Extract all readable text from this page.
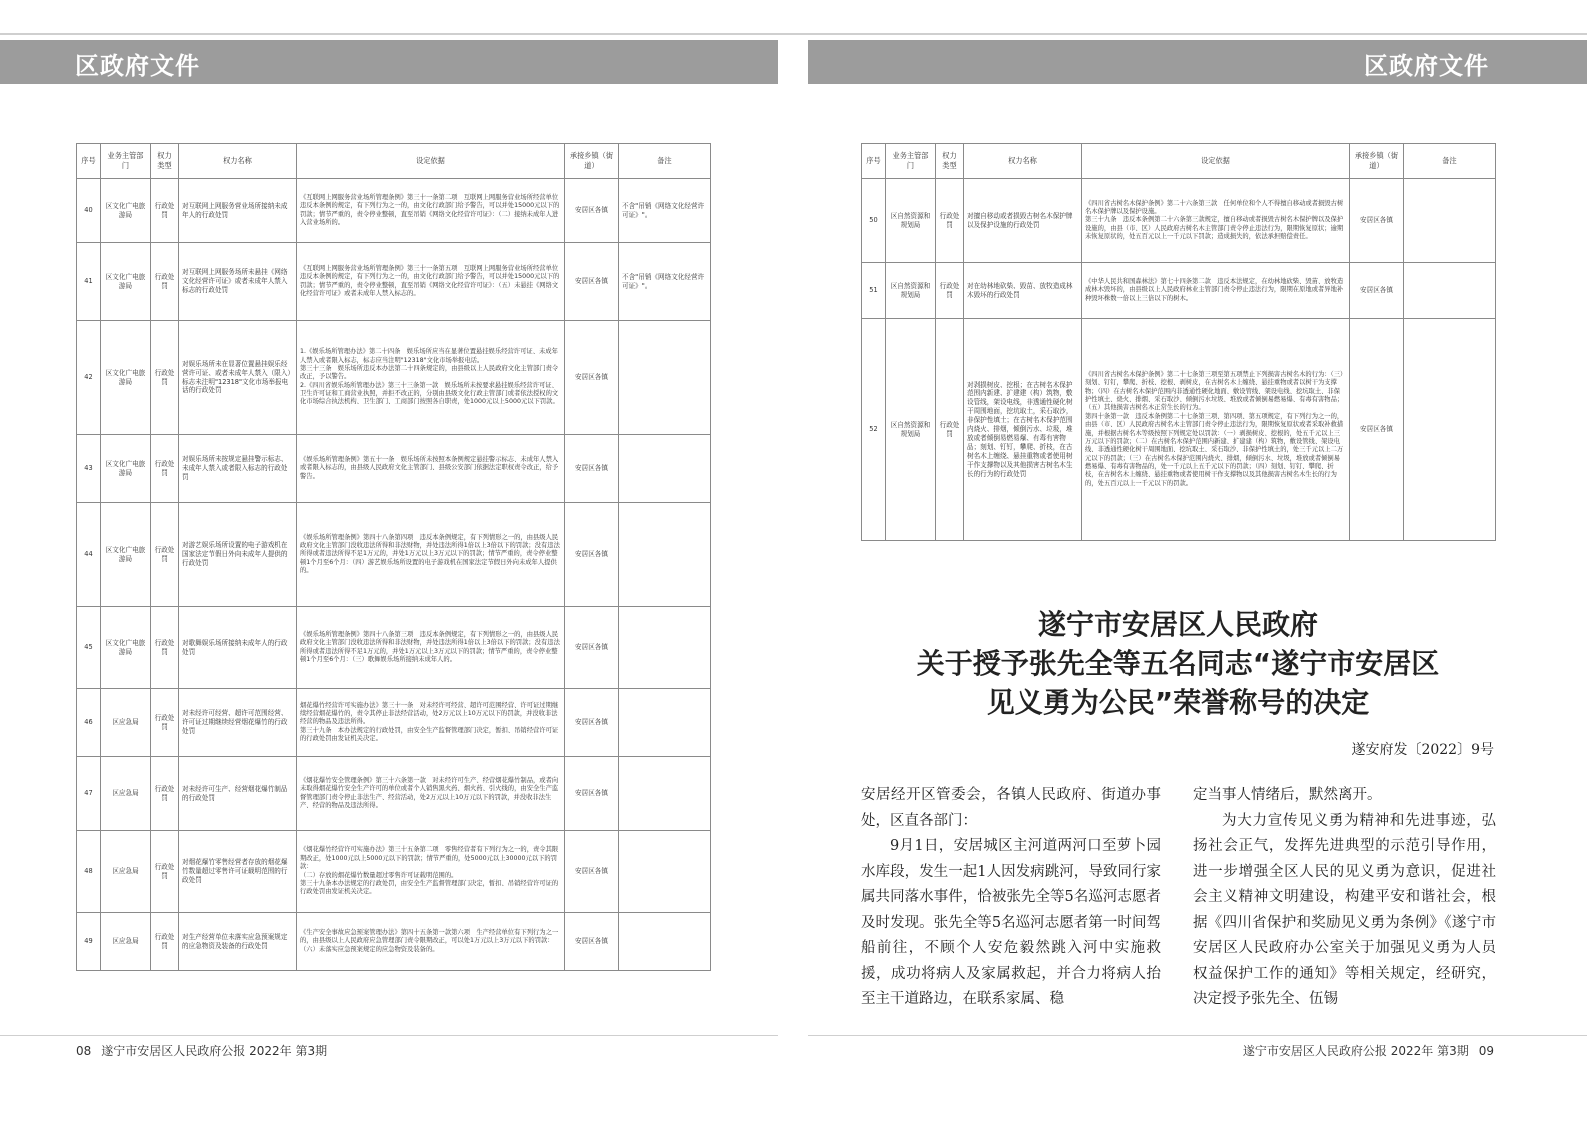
区政府文件	区政府文件
序号	业务主管部门	权力类型	权力名称	设定依据	承接乡镇（街道）	备注
40	区文化广电旅游局	行政处罚	对互联网上网服务营业场所接纳未成年人的行政处罚	《互联网上网服务营业场所管理条例》第三十一条第二项　互联网上网服务营业场所经营单位违反本条例的规定，有下列行为之一的，由文化行政部门给予警告，可以并处15000元以下的罚款；情节严重的，责令停业整顿，直至吊销《网络文化经营许可证》：（二）接纳未成年人进入营业场所的。	安居区各镇	不含"吊销《网络文化经营许可证》"。
41	区文化广电旅游局	行政处罚	对互联网上网服务场所未悬挂《网络文化经营许可证》或者未成年人禁入标志的行政处罚	《互联网上网服务营业场所管理条例》第三十一条第五项　互联网上网服务营业场所经营单位违反本条例的规定，有下列行为之一的，由文化行政部门给予警告，可以并处15000元以下的罚款；情节严重的，责令停业整顿，直至吊销《网络文化经营许可证》：（五）未悬挂《网络文化经营许可证》或者未成年人禁入标志的。	安居区各镇	不含"吊销《网络文化经营许可证》"。
42	区文化广电旅游局	行政处罚	对娱乐场所未在显著位置悬挂娱乐经营许可证、或者未成年人禁入（限入）标志未注明"12318"文化市场举报电话的行政处罚	1.《娱乐场所管理办法》第二十四条　娱乐场所应当在显著位置悬挂娱乐经营许可证、未成年人禁入或者限入标志，标志应当注明"12318"文化市场举报电话。
第三十三条　娱乐场所违反本办法第二十四条规定的，由县级以上人民政府文化主管部门责令改正，予以警告。
2.《四川省娱乐场所管理办法》第三十三条第一款　娱乐场所未按要求悬挂娱乐经营许可证、卫生许可证和工商营业执照，并拒不改正的，分别由县级文化行政主管部门或者依法授权的文化市场综合执法机构、卫生部门、工商部门按照各自职责，处1000元以上5000元以下罚款。	安居区各镇	
43	区文化广电旅游局	行政处罚	对娱乐场所未按规定悬挂警示标志、未成年人禁入或者限入标志的行政处罚	《娱乐场所管理条例》第五十一条　娱乐场所未按照本条例规定悬挂警示标志、未成年人禁入或者限入标志的，由县级人民政府文化主管部门、县级公安部门依据法定职权责令改正，给予警告。	安居区各镇	
44	区文化广电旅游局	行政处罚	对游艺娱乐场所设置的电子游戏机在国家法定节假日外向未成年人提供的行政处罚	《娱乐场所管理条例》第四十八条第四项　违反本条例规定，有下列情形之一的，由县级人民政府文化主管部门没收违法所得和非法财物，并处违法所得1倍以上3倍以下的罚款；没有违法所得或者违法所得不足1万元的，并处1万元以上3万元以下的罚款；情节严重的，责令停业整顿1个月至6个月：（四）游艺娱乐场所设置的电子游戏机在国家法定节假日外向未成年人提供的。	安居区各镇	
45	区文化广电旅游局	行政处罚	对歌舞娱乐场所接纳未成年人的行政处罚	《娱乐场所管理条例》第四十八条第三项　违反本条例规定，有下列情形之一的，由县级人民政府文化主管部门没收违法所得和非法财物，并处违法所得1倍以上3倍以下的罚款；没有违法所得或者违法所得不足1万元的，并处1万元以上3万元以下的罚款；情节严重的，责令停业整顿1个月至6个月：（三）歌舞娱乐场所接纳未成年人的。	安居区各镇	
46	区应急局	行政处罚	对未经许可经营、超许可范围经营、许可证过期继续经营烟花爆竹的行政处罚	烟花爆竹经营许可实施办法》第三十一条　对未经许可经营、超许可范围经营、许可证过期继续经营烟花爆竹的，责令其停止非法经营活动，处2万元以上10万元以下的罚款，并没收非法经营的物品及违法所得。
第三十九条　本办法规定的行政处罚，由安全生产监督管理部门决定，暂扣、吊销经营许可证的行政处罚由发证机关决定。	安居区各镇	
47	区应急局	行政处罚	对未经许可生产、经营烟花爆竹制品的行政处罚	《烟花爆竹安全管理条例》第三十六条第一款　对未经许可生产、经营烟花爆竹制品，或者向未取得烟花爆竹安全生产许可的单位或者个人销售黑火药、烟火药、引火线的，由安全生产监督管理部门责令停止非法生产、经营活动，处2万元以上10万元以下的罚款，并没收非法生产、经营的物品及违法所得。	安居区各镇	
48	区应急局	行政处罚	对烟花爆竹零售经营者存放的烟花爆竹数量超过零售许可证载明范围的行政处罚	《烟花爆竹经营许可实施办法》第三十五条第二项　零售经营者有下列行为之一的，责令其限期改正，处1000元以上5000元以下的罚款；情节严重的，处5000元以上30000元以下的罚款：
（二）存放的烟花爆竹数量超过零售许可证载明范围的。
第三十九条本办法规定的行政处罚，由安全生产监督管理部门决定，暂扣、吊销经营许可证的行政处罚由发证机关决定。	安居区各镇	
49	区应急局	行政处罚	对生产经营单位未落实应急预案规定的应急物资及装备的行政处罚	《生产安全事故应急预案管理办法》第四十五条第一款第六项　生产经营单位有下列行为之一的，由县级以上人民政府应急管理部门责令限期改正，可以处1万元以上3万元以下的罚款：
（六）未落实应急预案规定的应急物资及装备的。	安居区各镇	
序号	业务主管部门	权力类型	权力名称	设定依据	承接乡镇（街道）	备注
50	区自然资源和规划局	行政处罚	对擅自移动或者损毁古树名木保护牌以及保护设施的行政处罚	《四川省古树名木保护条例》第二十六条第三款　任何单位和个人不得擅自移动或者损毁古树名木保护牌以及保护设施。
第三十九条　违反本条例第二十六条第三款规定，擅自移动或者损毁古树名木保护牌以及保护设施的，由县（市、区）人民政府古树名木主管部门责令停止违法行为，限期恢复原状；逾期未恢复原状的，处五百元以上一千元以下罚款；造成损失的，依法承担赔偿责任。	安居区各镇	
51	区自然资源和规划局	行政处罚	对在幼林地砍柴、毁苗、放牧造成林木毁坏的行政处罚	《中华人民共和国森林法》第七十四条第二款　违反本法规定，在幼林地砍柴、毁苗、放牧造成林木毁坏的，由县级以上人民政府林业主管部门责令停止违法行为，限期在原地或者异地补种毁坏株数一倍以上三倍以下的树木。	安居区各镇	
52	区自然资源和规划局	行政处罚	对剥损树皮、挖根；在古树名木保护范围内新建、扩建建（构）筑物，敷设管线，架设电线，非透通性硬化树干周围地面，挖坑取土，采石取沙，非保护性填土；在古树名木保护范围内烧火、排烟，倾倒污水、垃圾，堆放或者倾倒易燃易爆、有毒有害物品；刻划、钉钉，攀爬、折枝，在古树名木上缠绕、悬挂重物或者使用树干作支撑物以及其他损害古树名木生长的行为的行政处罚	《四川省古树名木保护条例》第二十七条第三项至第五项禁止下列损害古树名木的行为：（三）刻划、钉钉，攀爬、折枝、挖根、剥树皮，在古树名木上缠绕、悬挂重物或者以树干为支撑物；（四）在古树名木保护范围内非透通性硬化地面、敷设管线、架设电线、挖坑取土、非保护性填土、烧火、排烟、采石取沙、倾倒污水垃圾、堆放或者倾倒易燃易爆、有毒有害物品；（五）其他损害古树名木正常生长的行为。
第四十条第一款　违反本条例第二十七条第三项、第四项、第五项规定，有下列行为之一的，由县（市、区）人民政府古树名木主管部门责令停止违法行为，限期恢复原状或者采取补救措施，并根据古树名木等级按照下列规定处以罚款：（一）剥损树皮、挖根的，处五千元以上三万元以下的罚款；（二）在古树名木保护范围内新建、扩建建（构）筑物，敷设管线、架设电线、非透通性硬化树干周围地面、挖坑取土、采石取沙、非保护性填土的，处三千元以上二万元以下的罚款；（三）在古树名木保护范围内烧火、排烟，倾倒污水、垃圾，堆放或者倾倒易燃易爆、有毒有害物品的，处一千元以上五千元以下的罚款；（四）刻划、钉钉、攀爬、折枝，在古树名木上缠绕、悬挂重物或者使用树干作支撑物以及其他损害古树名木生长的行为的，处五百元以上一千元以下的罚款。	安居区各镇	
遂宁市安居区人民政府
关于授予张先全等五名同志“遂宁市安居区
见义勇为公民”荣誉称号的决定
遂安府发〔2022〕9号

安居经开区管委会，各镇人民政府、街道办事处，区直各部门：

9月1日，安居城区主河道两河口至萝卜园水库段，发生一起1人因发病跳河，导致同行家属共同落水事件，恰被张先全等5名巡河志愿者及时发现。张先全等5名巡河志愿者第一时间驾船前往，不顾个人安危毅然跳入河中实施救援，成功将病人及家属救起，并合力将病人抬至主干道路边，在联系家属、稳

定当事人情绪后，默然离开。

为大力宣传见义勇为精神和先进事迹，弘扬社会正气，发挥先进典型的示范引导作用，进一步增强全区人民的见义勇为意识，促进社会主义精神文明建设，构建平安和谐社会，根据《四川省保护和奖励见义勇为条例》《遂宁市安居区人民政府办公室关于加强见义勇为人员权益保护工作的通知》等相关规定，经研究，决定授予张先全、伍锡

08 遂宁市安居区人民政府公报 2022年 第3期	遂宁市安居区人民政府公报 2022年 第3期 09
